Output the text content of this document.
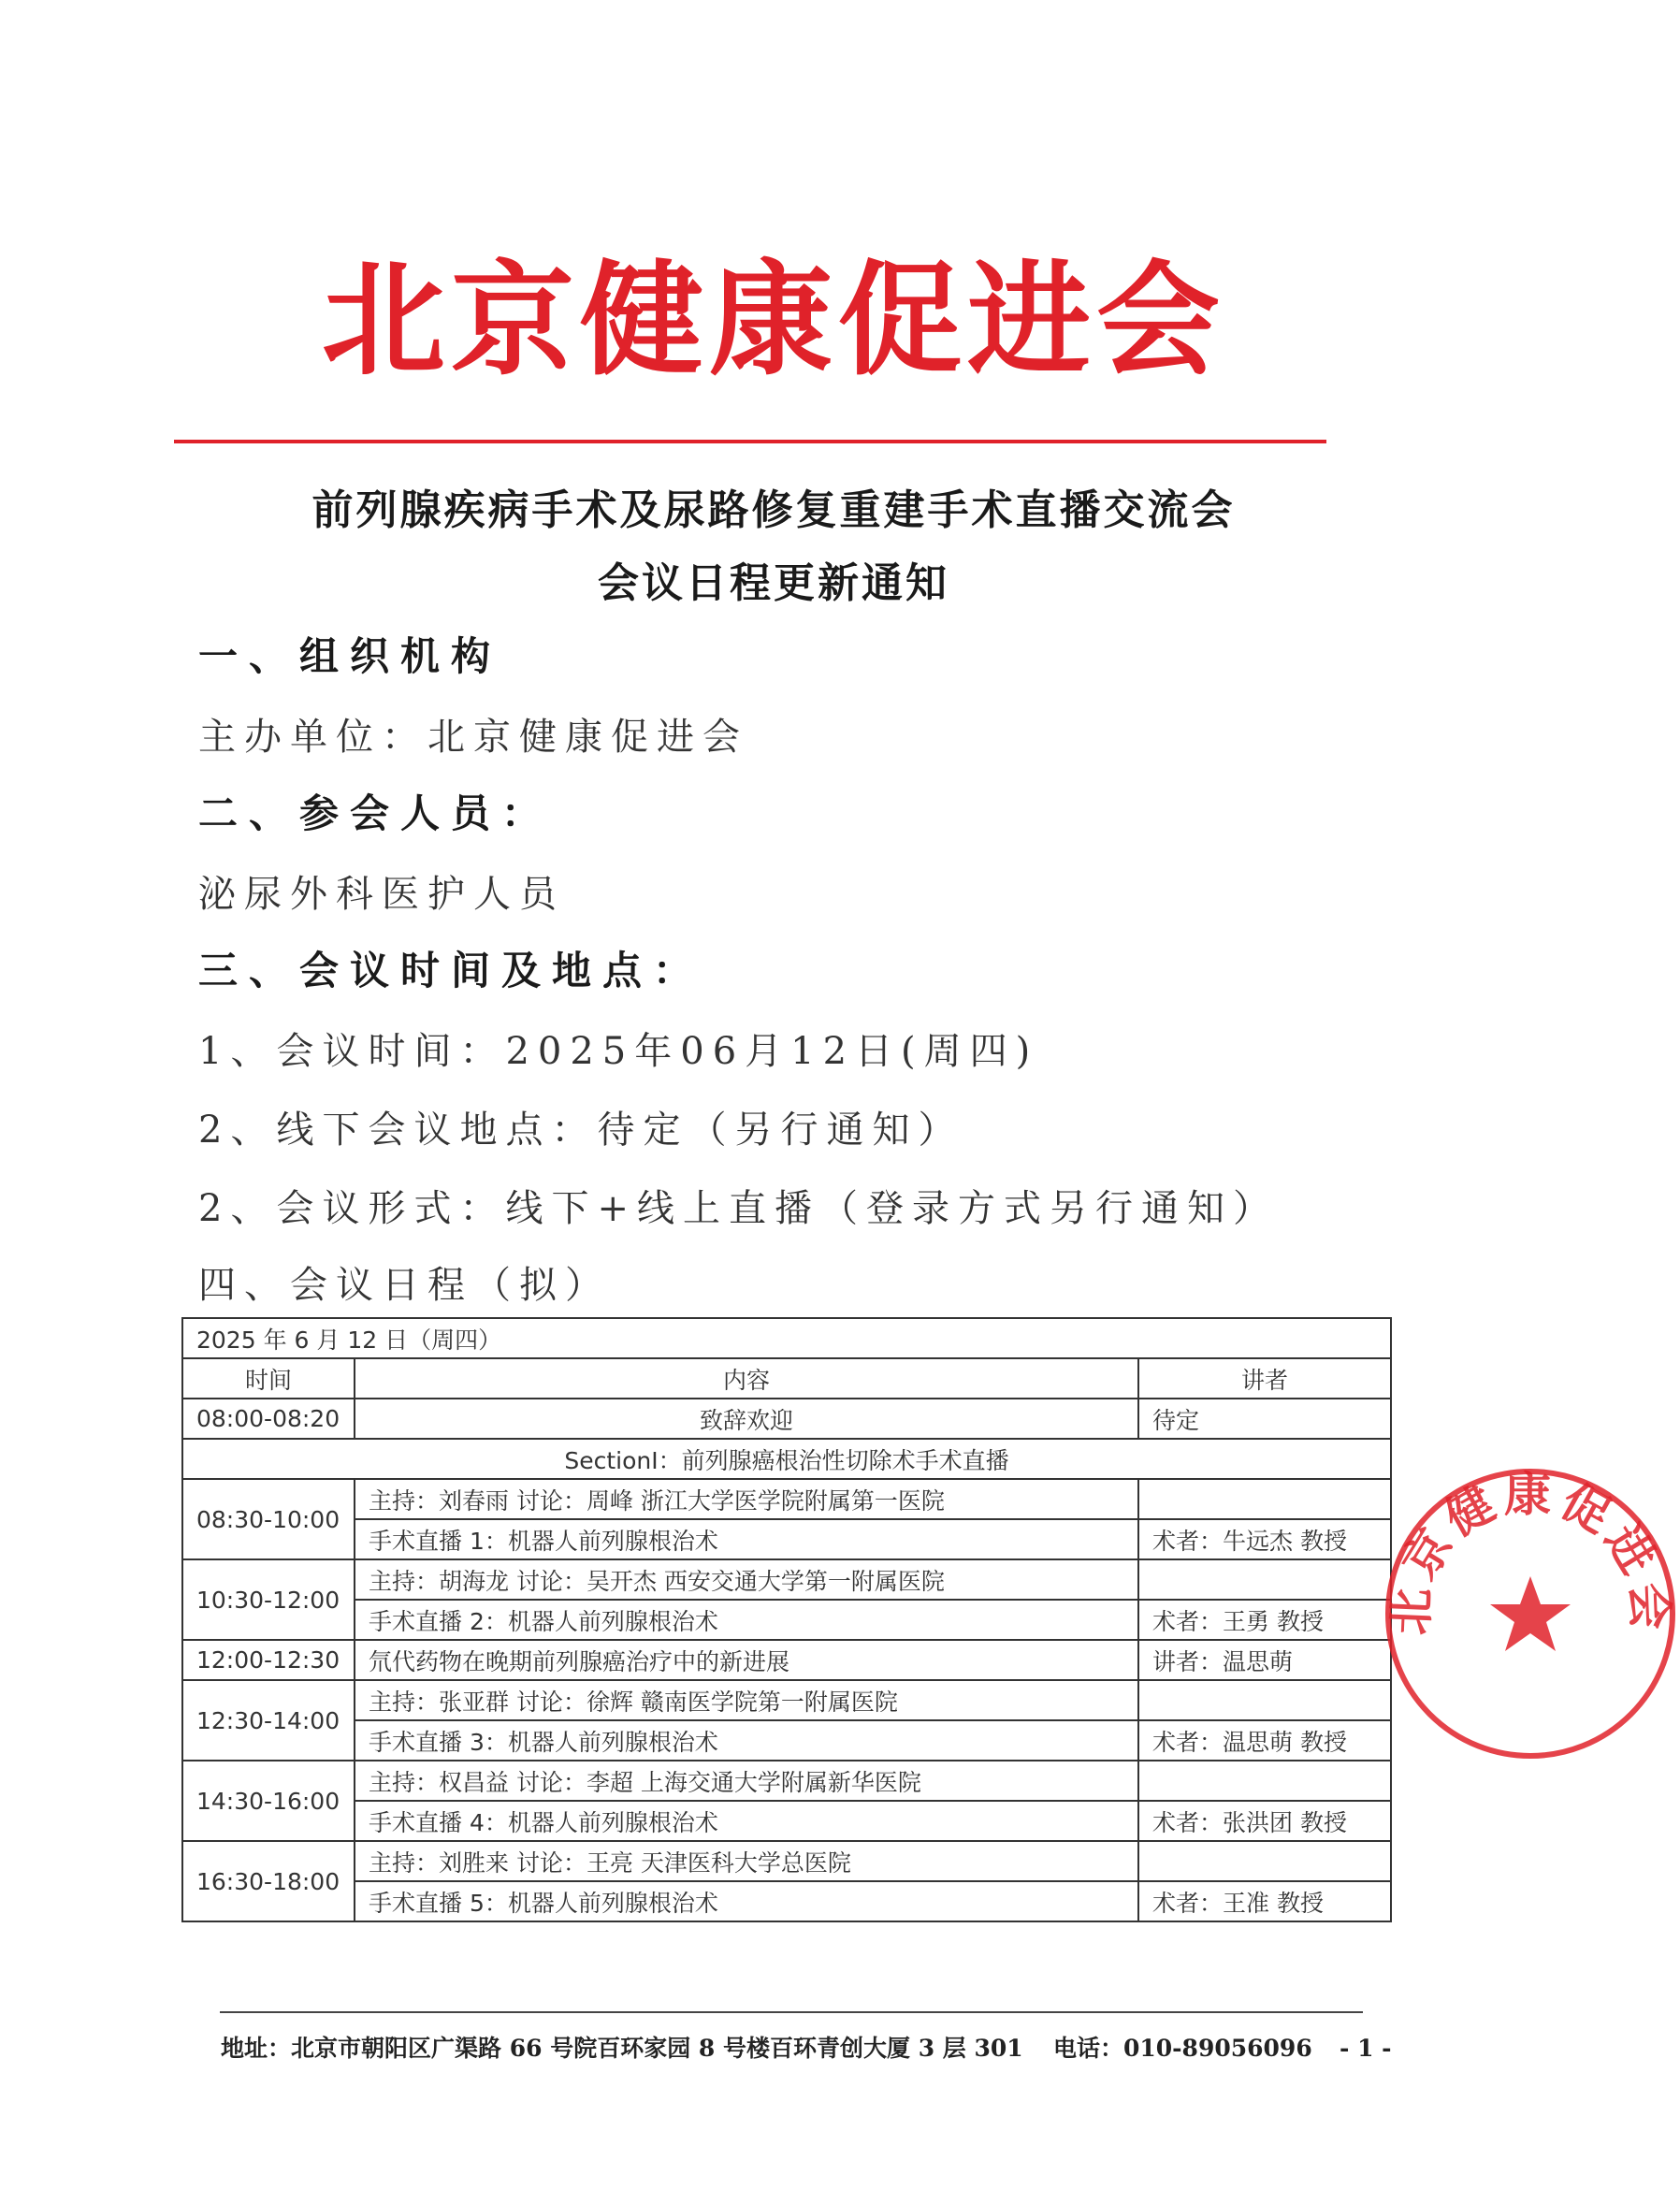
北京健康促进会
前列腺疾病手术及尿路修复重建手术直播交流会
会议日程更新通知
一、组织机构
主办单位：北京健康促进会
二、参会人员：
泌尿外科医护人员
三、会议时间及地点：
1、会议时间：2025年06月12日(周四)
2、线下会议地点：待定（另行通知）
2、会议形式：线下+线上直播（登录方式另行通知）
四、会议日程（拟）
2025 年 6 月 12 日（周四）		
时间	内容	讲者
08:00-08:20	致辞欢迎	待定
SectionⅠ：前列腺癌根治性切除术手术直播		
08:30-10:00	主持：刘春雨 讨论：周峰 浙江大学医学院附属第一医院	
	手术直播 1：机器人前列腺根治术	术者：牛远杰 教授
10:30-12:00	主持：胡海龙 讨论：吴开杰 西安交通大学第一附属医院	
	手术直播 2：机器人前列腺根治术	术者：王勇 教授
12:00-12:30	氘代药物在晚期前列腺癌治疗中的新进展	讲者：温思萌
12:30-14:00	主持：张亚群 讨论：徐辉 赣南医学院第一附属医院	
	手术直播 3：机器人前列腺根治术	术者：温思萌 教授
14:30-16:00	主持：权昌益 讨论：李超 上海交通大学附属新华医院	
	手术直播 4：机器人前列腺根治术	术者：张洪团 教授
16:30-18:00	主持：刘胜来 讨论：王亮 天津医科大学总医院	
	手术直播 5：机器人前列腺根治术	术者：王准 教授
北京健康促进会
地址：北京市朝阳区广渠路 66 号院百环家园 8 号楼百环青创大厦 3 层 301 电话：010-89056096 - 1 -
